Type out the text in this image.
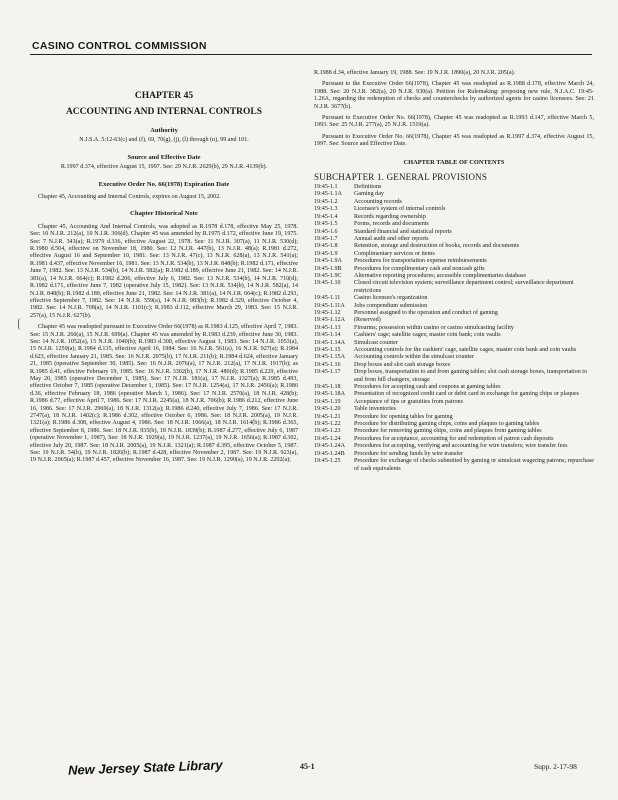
CASINO CONTROL COMMISSION
CHAPTER 45
ACCOUNTING AND INTERNAL CONTROLS
Authority
N.J.S.A. 5:12-63(c) and (f), 69, 70(g), (j), (l) through (n), 99 and 101.
Source and Effective Date
R.1997 d.374, effective August 15, 1997. See: 29 N.J.R. 2629(b), 29 N.J.R. 4139(b).
Executive Order No. 66(1978) Expiration Date
Chapter 45, Accounting and Internal Controls, expires on August 15, 2002.
Chapter Historical Note
Chapter 45, Accounting And Internal Controls, was adopted as R.1978 d.178, effective May 25, 1978. See: 10 N.J.R. 212(a), 10 N.J.R. 306(d). Chapter 45 was amended by R.1975 d.172, effective June 19, 1975. See: 7 N.J.R. 343(a); R.1979 d.336, effective August 22, 1978. See: 11 N.J.R. 307(a), 11 N.J.R. 530(d); R.1980 d.504, effective on November 18, 1980. See: 12 N.J.R. 447(b), 13 N.J.R. 48(a); R.1981 d.272, effective August 16 and September 10, 1981. See: 13 N.J.R. 47(c), 13 N.J.R. 628(a), 13 N.J.R. 541(a); R.1981 d.437, effective November 16, 1981. See: 13 N.J.R. 534(b), 13 N.J.R. 848(b); R.1982 d.171, effective June 7, 1982. See: 13 N.J.R. 534(b), 14 N.J.R. 582(a); R.1982 d.189, effective June 21, 1982. See: 14 N.J.R. 381(a), 14 N.J.R. 664(c); R.1982 d.206, effective July 6, 1982. See: 13 N.J.R. 534(b), 14 N.J.R. 710(d); R.1982 d.171, effective June 7, 1982 (operative July 15, 1982). See: 13 N.J.R. 534(b), 14 N.J.R. 582(a), 14 N.J.R. 848(b); R.1982 d.189, effective June 21, 1982. See: 14 N.J.R. 381(a), 14 N.J.R. 664(c); R.1982 d.293, effective September 7, 1982. See: 14 N.J.R. 559(a), 14 N.J.R. 983(b); R.1982 d.329, effective October 4, 1982. See: 14 N.J.R. 708(a), 14 N.J.R. 1101(c); R.1983 d.112, effective March 29, 1983. See: 15 N.J.R. 257(a), 15 N.J.R. 627(b).
Chapter 45 was readopted pursuant to Executive Order 66(1978) as R.1983 d.125, effective April 7, 1983. See: 15 N.J.R. 260(a), 15 N.J.R. 699(a). Chapter 45 was amended by R.1983 d.239, effective June 30, 1983. See: 14 N.J.R. 1052(a), 15 N.J.R. 1040(b); R.1983 d.300, effective August 1, 1983. See: 14 N.J.R. 1053(a), 15 N.J.R. 1259(a); R.1984 d.135, effective April 16, 1984. See: 16 N.J.R. 561(a), 16 N.J.R. 927(a); R.1984 d.623, effective January 21, 1985. See: 16 N.J.R. 2975(b), 17 N.J.R. 211(b); R.1984 d.624, effective January 21, 1985 (operative September 30, 1985). See: 16 N.J.R. 2076(a), 17 N.J.R. 212(a), 17 N.J.R. 1917(b); as R.1985 d.41, effective February 19, 1985. See: 16 N.J.R. 3302(b), 17 N.J.R. 480(d); R.1985 d.229, effective May 20, 1985 (operative December 1, 1985). See: 17 N.J.R. 181(a), 17 N.J.R. 1327(a); R.1985 d.493, effective October 7, 1985 (operative December 1, 1985). See: 17 N.J.R. 1254(a), 17 N.J.R. 2456(a); R.1986 d.36, effective February 18, 1986 (operative March 1, 1986). See: 17 N.J.R. 2570(a), 18 N.J.R. 428(b); R.1986 d.77, effective April 7, 1986. See: 17 N.J.R. 2245(a), 18 N.J.R. 706(b); R.1986 d.212, effective June 16, 1986. See: 17 N.J.R. 2969(a), 18 N.J.R. 1312(a); R.1986 d.240, effective July 7, 1986. See: 17 N.J.R. 2747(a), 18 N.J.R. 1402(c); R.1986 d.302, effective October 6, 1986. See: 18 N.J.R. 2005(a), 19 N.J.R. 1321(a); R.1986 d.308, effective August 4, 1986. See: 18 N.J.R. 1066(a), 18 N.J.R. 1614(b); R.1986 d.365, effective September 8, 1986. See: 18 N.J.R. 935(b), 18 N.J.R. 1839(b); R.1987 d.277, effective July 6, 1987 (operative November 1, 1987), See: 18 N.J.R. 1929(a), 19 N.J.R. 1237(a), 19 N.J.R. 1656(a); R.1987 d.302, effective July 20, 1987. See: 18 N.J.R. 2005(a), 19 N.J.R. 1321(a); R.1987 d.395, effective October 5, 1987. See: 19 N.J.R. 54(b), 19 N.J.R. 1826(b); R.1987 d.428, effective November 2, 1987. See: 19 N.J.R. 923(a), 19 N.J.R. 2065(a); R.1987 d.457, effective November 16, 1987. See: 19 N.J.R. 1290(a), 19 N.J.R. 2202(a);
R.1988 d.34, effective January 19, 1988. See: 19 N.J.R. 1890(a), 20 N.J.R. 205(a).
Pursuant to the Executive Order 66(1978), Chapter 45 was readopted as R.1988 d.178, effective March 24, 1988. See: 20 N.J.R. 382(a), 20 N.J.R. 930(a). Petition for Rulemaking: proposing new rule, N.J.A.C. 19:45-1.26A, regarding the redemption of checks and counterchecks by authorized agents for casino licensees. See: 21 N.J.R. 3677(b).
Pursuant to Executive Order No. 66(1978), Chapter 45 was readopted as R.1993 d.147, effective March 5, 1993. See: 25 N.J.R. 277(a), 25 N.J.R. 1519(a).
Pursuant to Executive Order No. 66(1978), Chapter 45 was readopted as R.1997 d.374, effective August 15, 1997. See: Source and Effective Date.
CHAPTER TABLE OF CONTENTS
SUBCHAPTER 1. GENERAL PROVISIONS
19:45-1.1	Definitions
19:45-1.1A	Gaming day
19:45-1.2	Accounting records
19:45-1.3	Licensee's system of internal controls
19:45-1.4	Records regarding ownership
19:45-1.5	Forms, records and documents
19:45-1.6	Standard financial and statistical reports
19:45-1.7	Annual audit and other reports
19:45-1.8	Retention, storage and destruction of books, records and documents
19:45-1.9	Complimentary services or items
19:45-1.9A	Procedures for transportation expense reimbursements
19:45-1.9B	Procedures for complimentary cash and noncash gifts
19:45-1.9C	Alternative reporting procedures; accessible complimentaries database
19:45-1.10	Closed circuit television system; surveillance department control; surveillance department restrictions
19:45-1.11	Casino licensee's organization
19:45-1.11A	Jobs compendium submission
19:45-1.12	Personnel assigned to the operation and conduct of gaming
19:45-1.12A	(Reserved)
19:45-1.13	Firearms; possession within casino or casino simulcasting facility
19:45-1.14	Cashiers' cage; satellite cages; master coin bank; coin vaults
19:45-1.14A	Simulcast counter
19:45-1.15	Accounting controls for the cashiers' cage, satellite cages, master coin bank and coin vaults
19:45-1.15A	Accounting controls within the simulcast counter
19:45-1.16	Drop boxes and slot cash storage boxes
19:45-1.17	Drop boxes, transportation to and from gaming tables; slot cash storage boxes, transportation to and from bill changers; storage
19:45-1.18	Procedures for accepting cash and coupons at gaming tables
19:45-1.18A	Presentation of recognized credit card or debit card in exchange for gaming chips or plaques
19:45-1.19	Acceptance of tips or gratuities from patrons
19:45-1.20	Table inventories
19:45-1.21	Procedure for opening tables for gaming
19:45-1.22	Procedure for distributing gaming chips, coins and plaques to gaming tables
19:45-1.23	Procedure for removing gaming chips, coins and plaques from gaming tables
19:45-1.24	Procedures for acceptance, accounting for and redemption of patron cash deposits
19:45-1.24A	Procedures for accepting, verifying and accounting for wire transfers; wire transfer fees
19:45-1.24B	Procedure for sending funds by wire transfer
19:45-1.25	Procedure for exchange of checks submitted by gaming or simulcast wagering patrons; repurchase of cash equivalents
New Jersey State Library	45-1	Supp. 2-17-98
